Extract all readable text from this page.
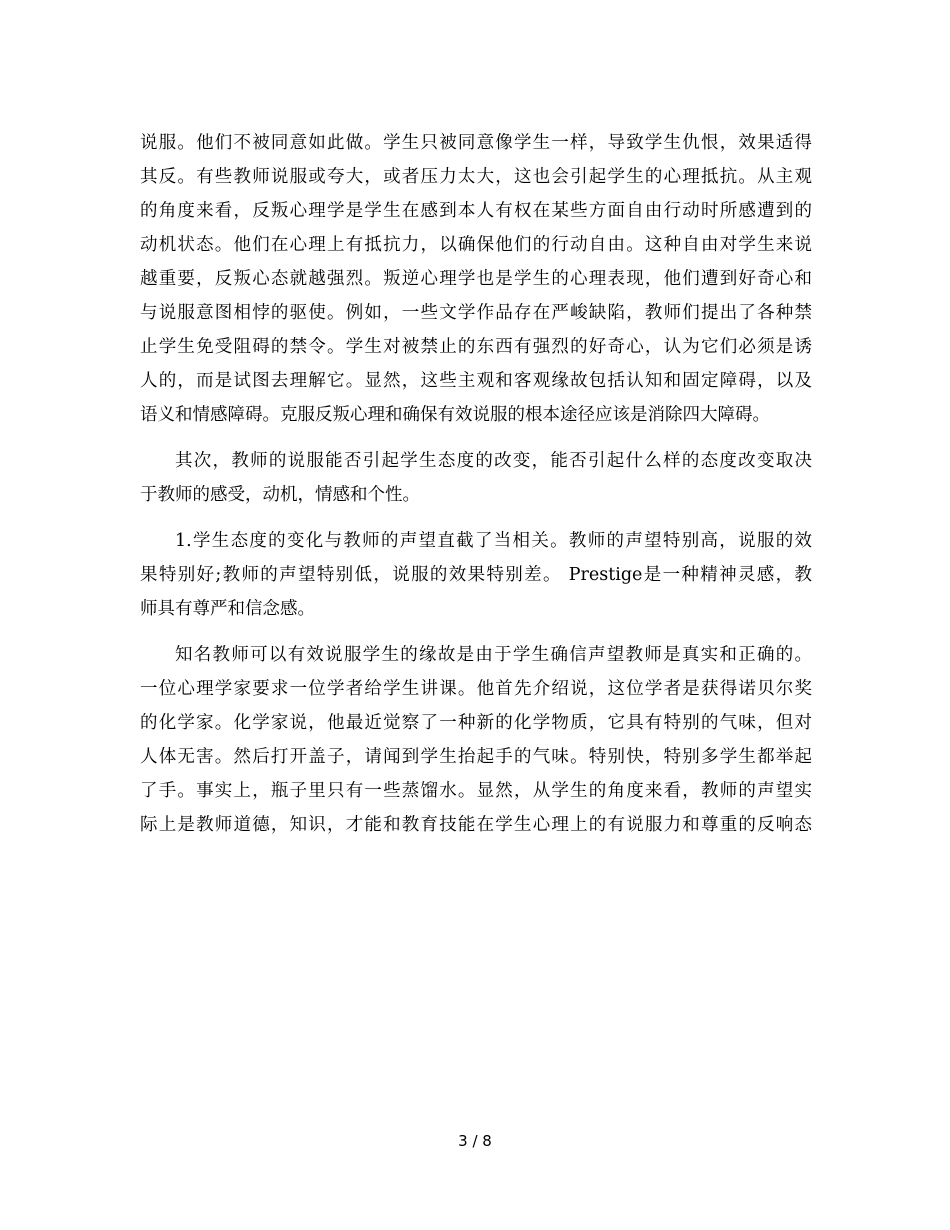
说服。他们不被同意如此做。学生只被同意像学生一样，导致学生仇恨，效果适得
其反。有些教师说服或夸大，或者压力太大，这也会引起学生的心理抵抗。从主观
的角度来看，反叛心理学是学生在感到本人有权在某些方面自由行动时所感遭到的
动机状态。他们在心理上有抵抗力，以确保他们的行动自由。这种自由对学生来说
越重要，反叛心态就越强烈。叛逆心理学也是学生的心理表现，他们遭到好奇心和
与说服意图相悖的驱使。例如，一些文学作品存在严峻缺陷，教师们提出了各种禁
止学生免受阻碍的禁令。学生对被禁止的东西有强烈的好奇心，认为它们必须是诱
人的，而是试图去理解它。显然，这些主观和客观缘故包括认知和固定障碍，以及
语义和情感障碍。克服反叛心理和确保有效说服的根本途径应该是消除四大障碍。
其次，教师的说服能否引起学生态度的改变，能否引起什么样的态度改变取决
于教师的感受，动机，情感和个性。
1.学生态度的变化与教师的声望直截了当相关。教师的声望特别高，说服的效
果特别好;教师的声望特别低，说服的效果特别差。 Prestige是一种精神灵感，教
师具有尊严和信念感。
知名教师可以有效说服学生的缘故是由于学生确信声望教师是真实和正确的。
一位心理学家要求一位学者给学生讲课。他首先介绍说，这位学者是获得诺贝尔奖
的化学家。化学家说，他最近觉察了一种新的化学物质，它具有特别的气味，但对
人体无害。然后打开盖子，请闻到学生抬起手的气味。特别快，特别多学生都举起
了手。事实上，瓶子里只有一些蒸馏水。显然，从学生的角度来看，教师的声望实
际上是教师道德，知识，才能和教育技能在学生心理上的有说服力和尊重的反响态
3 / 8
